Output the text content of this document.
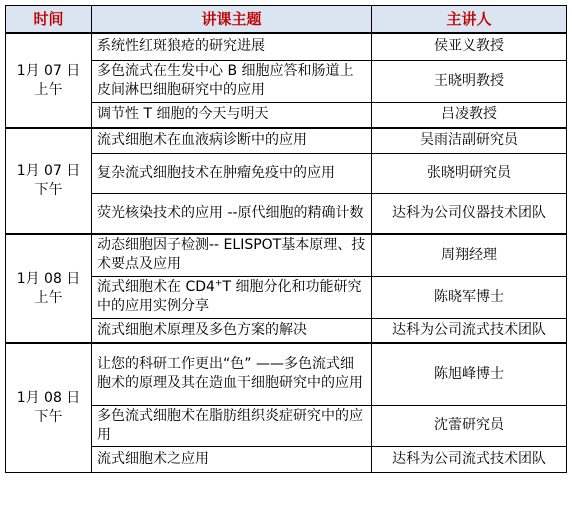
时间	讲课主题	主讲人

1月 07 日
上午	系统性红斑狼疮的研究进展	侯亚义教授
	多色流式在生发中心 B 细胞应答和肠道上皮间淋巴细胞研究中的应用	王晓明教授
	调节性 T 细胞的今天与明天	吕凌教授

1月 07 日
下午	流式细胞术在血液病诊断中的应用	吴雨洁副研究员
	复杂流式细胞技术在肿瘤免疫中的应用	张晓明研究员
	荧光核染技术的应用 --原代细胞的精确计数	达科为公司仪器技术团队

1月 08 日
上午	动态细胞因子检测-- ELISPOT基本原理、技术要点及应用	周翔经理
	流式细胞术在 CD4+T 细胞分化和功能研究中的应用实例分享	陈晓军博士
	流式细胞术原理及多色方案的解决	达科为公司流式技术团队

1月 08 日
下午	让您的科研工作更出“色” ——多色流式细胞术的原理及其在造血干细胞研究中的应用	陈旭峰博士
	多色流式细胞术在脂肪组织炎症研究中的应用	沈蕾研究员
	流式细胞术之应用	达科为公司流式技术团队
